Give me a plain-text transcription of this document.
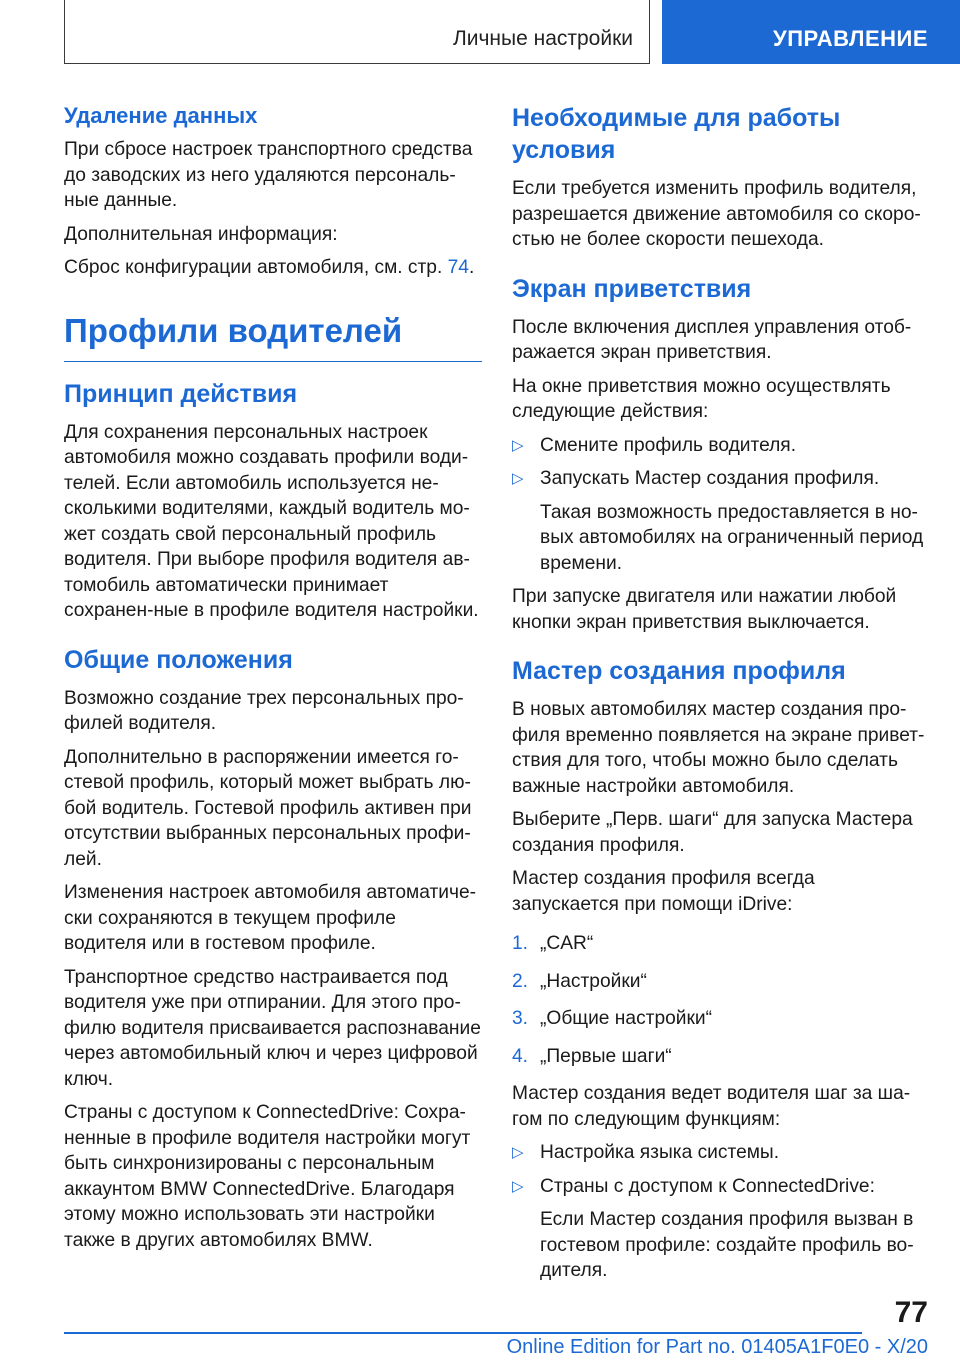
Личные настройки	УПРАВЛЕНИЕ
Удаление данных

При сбросе настроек транспортного средства до заводских из него удаляются персональ-ные данные.

Дополнительная информация:

Сброс конфигурации автомобиля, см. стр. 74.

Профили водителей
Принцип действия

Для сохранения персональных настроек автомобиля можно создавать профили води-телей. Если автомобиль используется не-сколькими водителями, каждый водитель мо-жет создать свой персональный профиль водителя. При выборе профиля водителя ав-томобиль автоматически принимает сохранен-ные в профиле водителя настройки.

Общие положения

Возможно создание трех персональных про-филей водителя.

Дополнительно в распоряжении имеется го-стевой профиль, который может выбрать лю-бой водитель. Гостевой профиль активен при отсутствии выбранных персональных профи-лей.

Изменения настроек автомобиля автоматиче-ски сохраняются в текущем профиле водителя или в гостевом профиле.

Транспортное средство настраивается под водителя уже при отпирании. Для этого про-филю водителя присваивается распознавание через автомобильный ключ и через цифровой ключ.

Страны с доступом к ConnectedDrive: Сохра-ненные в профиле водителя настройки могут быть синхронизированы с персональным аккаунтом BMW ConnectedDrive. Благодаря этому можно использовать эти настройки также в других автомобилях BMW.

Необходимые для работы условия

Если требуется изменить профиль водителя, разрешается движение автомобиля со скоро-стью не более скорости пешехода.

Экран приветствия

После включения дисплея управления отоб-ражается экран приветствия.

На окне приветствия можно осуществлять следующие действия:

▷ Смените профиль водителя.
▷ Запускать Мастер создания профиля.

Такая возможность предоставляется в но-вых автомобилях на ограниченный период времени.

При запуске двигателя или нажатии любой кнопки экран приветствия выключается.

Мастер создания профиля

В новых автомобилях мастер создания про-филя временно появляется на экране привет-ствия для того, чтобы можно было сделать важные настройки автомобиля.

Выберите „Перв. шаги“ для запуска Мастера создания профиля.

Мастер создания профиля всегда запускается при помощи iDrive:

1. „CAR“
2. „Настройки“
3. „Общие настройки“
4. „Первые шаги“

Мастер создания ведет водителя шаг за ша-гом по следующим функциям:

▷ Настройка языка системы.
▷ Страны с доступом к ConnectedDrive:

Если Мастер создания профиля вызван в гостевом профиле: создайте профиль во-дителя.

77
Online Edition for Part no. 01405A1F0E0 - X/20
